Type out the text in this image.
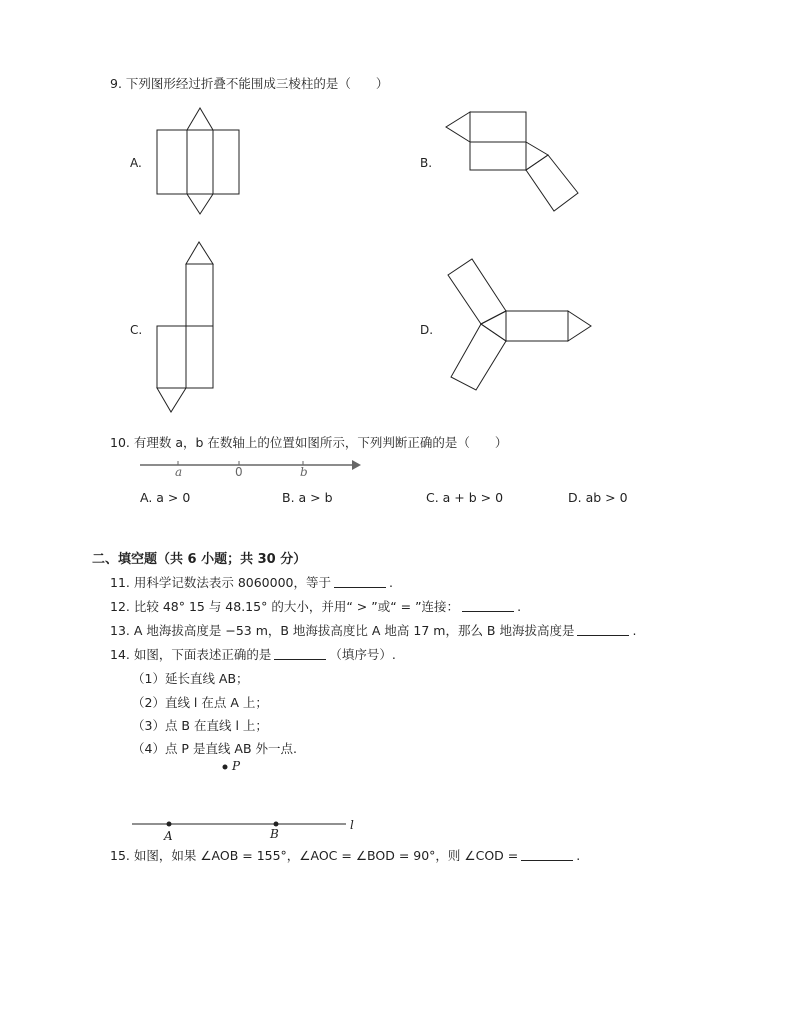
9. 下列图形经过折叠不能围成三棱柱的是（　　）
A.	B.
C.	D.
10. 有理数 a，b 在数轴上的位置如图所示，下列判断正确的是（　　）
a	0	b
A. a > 0	B. a > b	C. a + b > 0	D. ab > 0
二、填空题（共 6 小题；共 30 分）
11. 用科学记数法表示 8060000，等于	.
12. 比较 48° 15 与 48.15° 的大小，并用“ > ”或“ = ”连接：	.
13. A 地海拔高度是 −53 m，B 地海拔高度比 A 地高 17 m，那么 B 地海拔高度是	.
14. 如图，下面表述正确的是	（填序号）.
（1）延长直线 AB；
（2）直线 l 在点 A 上；
（3）点 B 在直线 l 上；
（4）点 P 是直线 AB 外一点.
P
A	B
l
15. 如图，如果 ∠AOB = 155°，∠AOC = ∠BOD = 90°，则 ∠COD =	.
